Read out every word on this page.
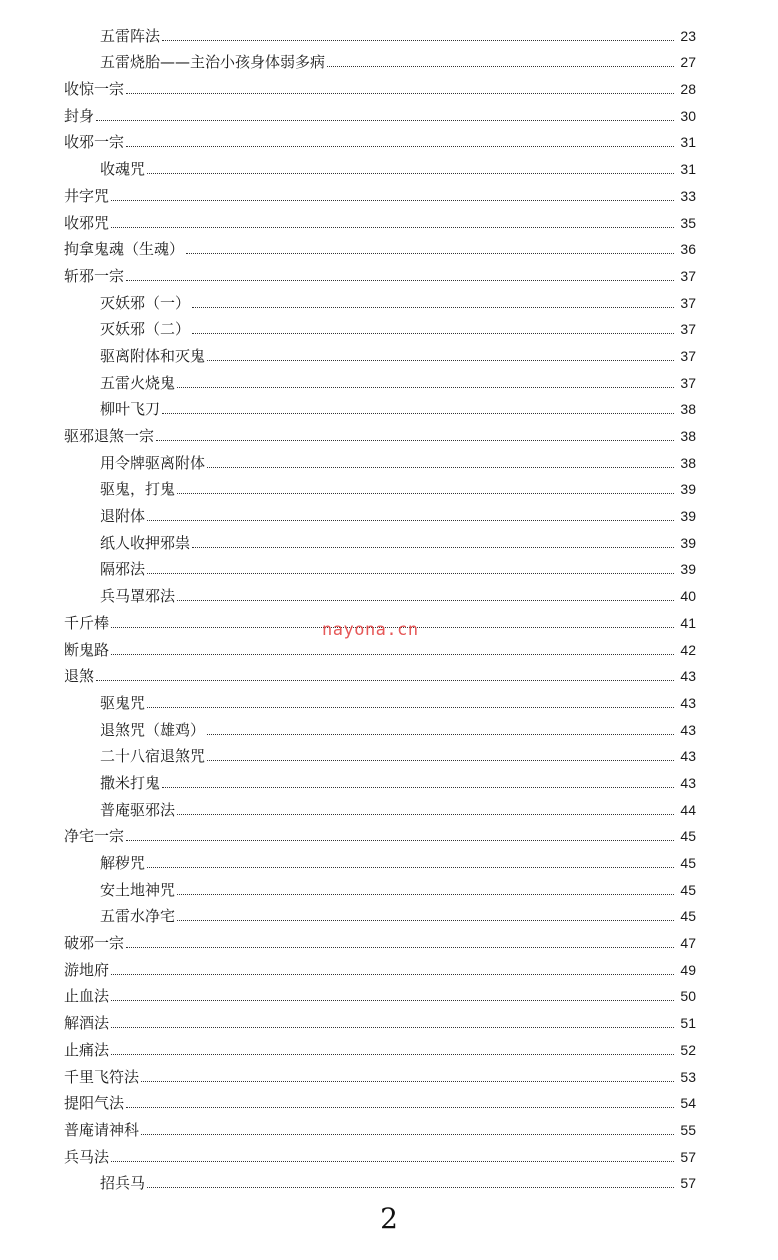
五雷阵法	23
五雷烧胎——主治小孩身体弱多病	27
收惊一宗	28
封身	30
收邪一宗	31
收魂咒	31
井字咒	33
收邪咒	35
拘拿鬼魂（生魂）	36
斩邪一宗	37
灭妖邪（一）	37
灭妖邪（二）	37
驱离附体和灭鬼	37
五雷火烧鬼	37
柳叶飞刀	38
驱邪退煞一宗	38
用令牌驱离附体	38
驱鬼，打鬼	39
退附体	39
纸人收押邪祟	39
隔邪法	39
兵马罩邪法	40
千斤棒	41
断鬼路	42
退煞	43
驱鬼咒	43
退煞咒（雄鸡）	43
二十八宿退煞咒	43
撒米打鬼	43
普庵驱邪法	44
净宅一宗	45
解秽咒	45
安土地神咒	45
五雷水净宅	45
破邪一宗	47
游地府	49
止血法	50
解酒法	51
止痛法	52
千里飞符法	53
提阳气法	54
普庵请神科	55
兵马法	57
招兵马	57
nayona.cn
2
